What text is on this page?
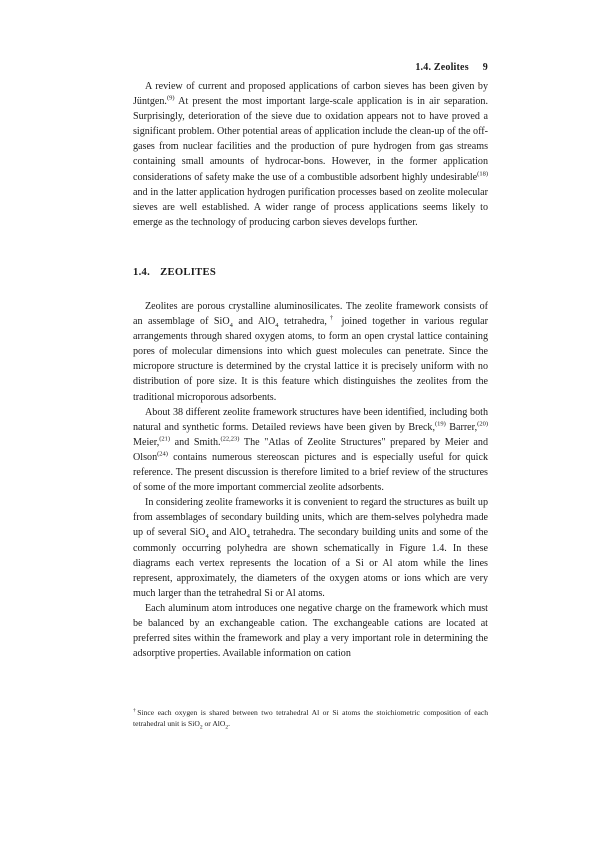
1.4. Zeolites 9

A review of current and proposed applications of carbon sieves has been given by Jüntgen.$^{(9)}$ At present the most important large-scale application is in air separation. Surprisingly, deterioration of the sieve due to oxidation appears not to have proved a significant problem. Other potential areas of application include the clean-up of the off-gases from nuclear facilities and the production of pure hydrogen from gas streams containing small amounts of hydrocar-bons. However, in the former application considerations of safety make the use of a combustible adsorbent highly undesirable$^{(18)}$ and in the latter application hydrogen purification processes based on zeolite molecular sieves are well established. A wider range of process applications seems likely to emerge as the technology of producing carbon sieves develops further.

1.4. ZEOLITES

Zeolites are porous crystalline aluminosilicates. The zeolite framework consists of an assemblage of SiO$_4$ and AlO$_4$ tetrahedra,† joined together in various regular arrangements through shared oxygen atoms, to form an open crystal lattice containing pores of molecular dimensions into which guest molecules can penetrate. Since the micropore structure is determined by the crystal lattice it is precisely uniform with no distribution of pore size. It is this feature which distinguishes the zeolites from the traditional microporous adsorbents.

About 38 different zeolite framework structures have been identified, including both natural and synthetic forms. Detailed reviews have been given by Breck,$^{(19)}$ Barrer,$^{(20)}$ Meier,$^{(21)}$ and Smith.$^{(22,23)}$ The "Atlas of Zeolite Structures" prepared by Meier and Olson$^{(24)}$ contains numerous stereoscan pictures and is especially useful for quick reference. The present discussion is therefore limited to a brief review of the structures of some of the more important commercial zeolite adsorbents.

In considering zeolite frameworks it is convenient to regard the structures as built up from assemblages of secondary building units, which are them-selves polyhedra made up of several SiO$_4$ and AlO$_4$ tetrahedra. The secondary building units and some of the commonly occurring polyhedra are shown schematically in Figure 1.4. In these diagrams each vertex represents the location of a Si or Al atom while the lines represent, approximately, the diameters of the oxygen atoms or ions which are very much larger than the tetrahedral Si or Al atoms.

Each aluminum atom introduces one negative charge on the framework which must be balanced by an exchangeable cation. The exchangeable cations are located at preferred sites within the framework and play a very important role in determining the adsorptive properties. Available information on cation

†Since each oxygen is shared between two tetrahedral Al or Si atoms the stoichiometric composition of each tetrahedral unit is SiO$_2$ or AlO$_2$.
